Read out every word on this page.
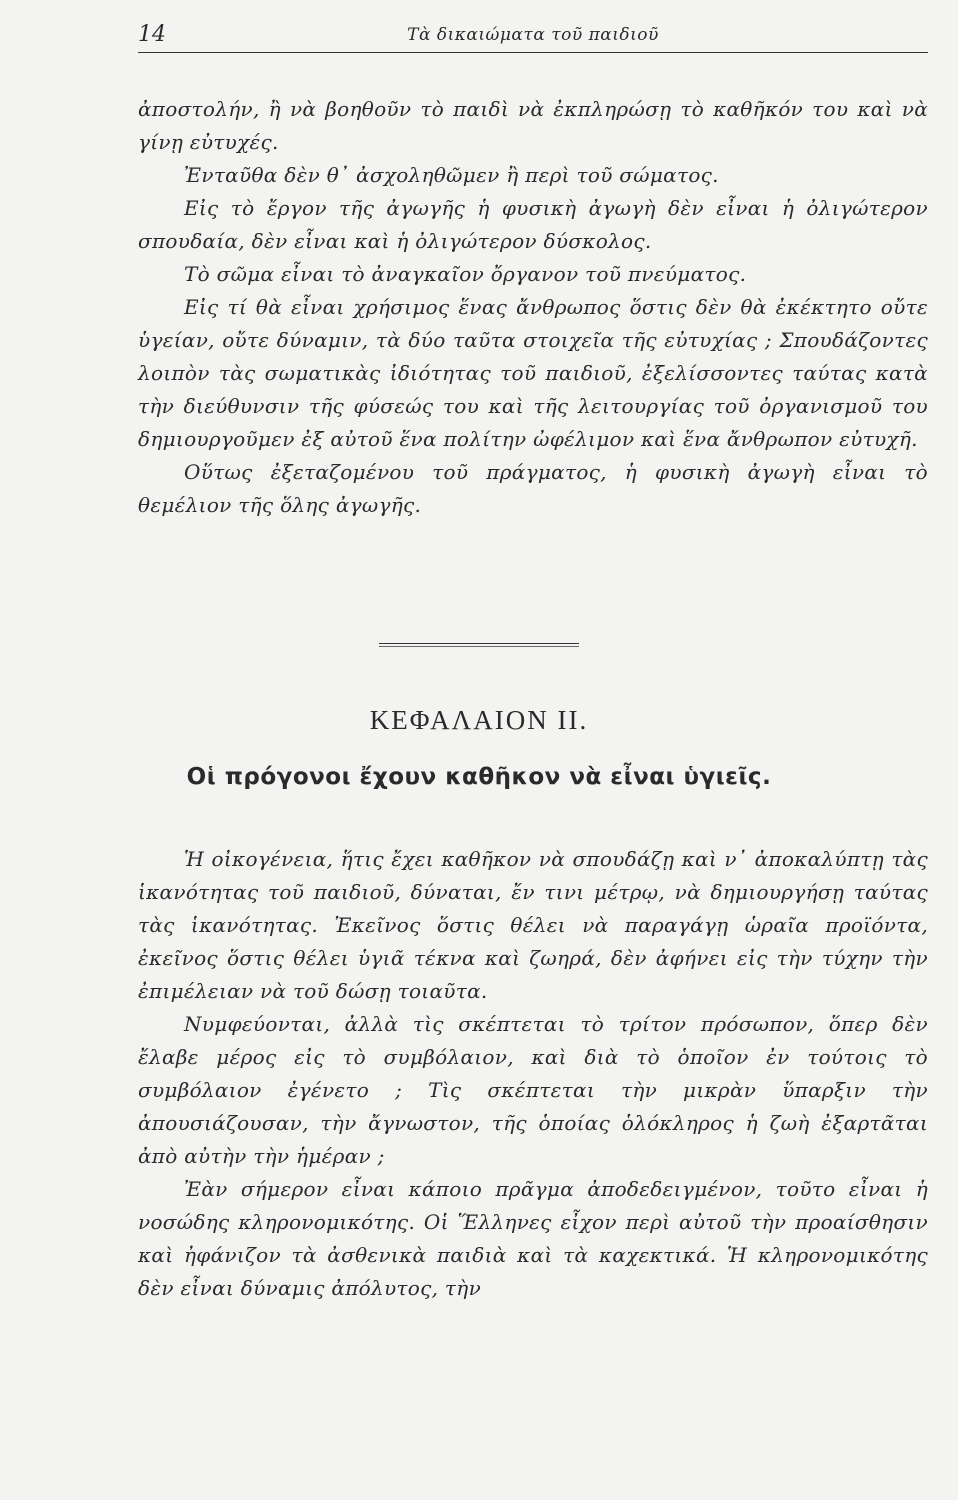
14	Τὰ δικαιώματα τοῦ παιδιοῦ

ἀποστολήν, ἢ νὰ βοηθοῦν τὸ παιδὶ νὰ ἐκπληρώσῃ τὸ καθῆκόν του καὶ νὰ γίνῃ εὐτυχές.

Ἐνταῦθα δὲν θ᾽ ἀσχοληθῶμεν ἢ περὶ τοῦ σώματος.

Εἰς τὸ ἔργον τῆς ἀγωγῆς ἡ φυσικὴ ἀγωγὴ δὲν εἶναι ἡ ὀλιγώτερον σπουδαία, δὲν εἶναι καὶ ἡ ὀλιγώτερον δύσκολος.

Τὸ σῶμα εἶναι τὸ ἀναγκαῖον ὄργανον τοῦ πνεύματος.

Εἰς τί θὰ εἶναι χρήσιμος ἕνας ἄνθρωπος ὅστις δὲν θὰ ἐκέκτητο οὔτε ὑγείαν, οὔτε δύναμιν, τὰ δύο ταῦτα στοιχεῖα τῆς εὐτυχίας ; Σπουδάζοντες λοιπὸν τὰς σωματικὰς ἰδιότητας τοῦ παιδιοῦ, ἐξελίσσοντες ταύτας κατὰ τὴν διεύθυνσιν τῆς φύσεώς του καὶ τῆς λειτουργίας τοῦ ὀργανισμοῦ του δημιουργοῦμεν ἐξ αὐτοῦ ἕνα πολίτην ὠφέλιμον καὶ ἕνα ἄνθρωπον εὐτυχῆ.

Οὕτως ἐξεταζομένου τοῦ πράγματος, ἡ φυσικὴ ἀγωγὴ εἶναι τὸ θεμέλιον τῆς ὅλης ἀγωγῆς.

ΚΕΦΑΛΑΙΟΝ ΙΙ.
Οἱ πρόγονοι ἔχουν καθῆκον νὰ εἶναι ὑγιεῖς.

Ἡ οἰκογένεια, ἥτις ἔχει καθῆκον νὰ σπουδάζῃ καὶ ν᾽ ἀποκαλύπτῃ τὰς ἱκανότητας τοῦ παιδιοῦ, δύναται, ἔν τινι μέτρῳ, νὰ δημιουργήσῃ ταύτας τὰς ἱκανότητας. Ἐκεῖνος ὅστις θέλει νὰ παραγάγῃ ὡραῖα προϊόντα, ἐκεῖνος ὅστις θέλει ὑγιᾶ τέκνα καὶ ζωηρά, δὲν ἀφήνει εἰς τὴν τύχην τὴν ἐπιμέλειαν νὰ τοῦ δώσῃ τοιαῦτα.

Νυμφεύονται, ἀλλὰ τὶς σκέπτεται τὸ τρίτον πρόσωπον, ὅπερ δὲν ἔλαβε μέρος εἰς τὸ συμβόλαιον, καὶ διὰ τὸ ὁποῖον ἐν τούτοις τὸ συμβόλαιον ἐγένετο ; Τὶς σκέπτεται τὴν μικρὰν ὕπαρξιν τὴν ἀπουσιάζουσαν, τὴν ἄγνωστον, τῆς ὁποίας ὁλόκληρος ἡ ζωὴ ἐξαρτᾶται ἀπὸ αὐτὴν τὴν ἡμέραν ;

Ἐὰν σήμερον εἶναι κάποιο πρᾶγμα ἀποδεδειγμένον, τοῦτο εἶναι ἡ νοσώδης κληρονομικότης. Οἱ Ἕλληνες εἶχον περὶ αὐτοῦ τὴν προαίσθησιν καὶ ἠφάνιζον τὰ ἀσθενικὰ παιδιὰ καὶ τὰ καχεκτικά. Ἡ κληρονομικότης δὲν εἶναι δύναμις ἀπόλυτος, τὴν
